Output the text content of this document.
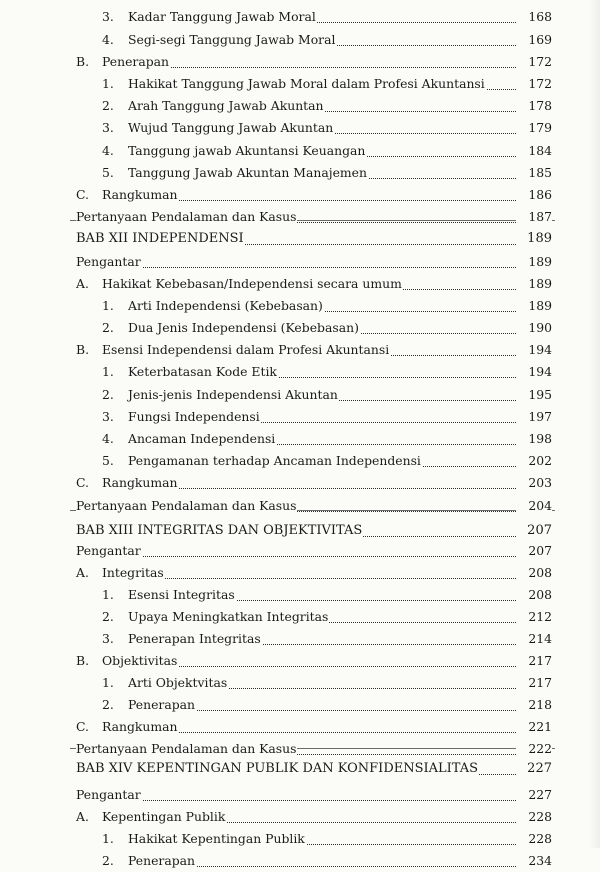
3. Kadar Tanggung Jawab Moral	168
4. Segi-segi Tanggung Jawab Moral	169
B. Penerapan	172
1. Hakikat Tanggung Jawab Moral dalam Profesi Akuntansi	172
2. Arah Tanggung Jawab Akuntan	178
3. Wujud Tanggung Jawab Akuntan	179
4. Tanggung jawab Akuntansi Keuangan	184
5. Tanggung Jawab Akuntan Manajemen	185
C. Rangkuman	186
Pertanyaan Pendalaman dan Kasus	187
BAB XII INDEPENDENSI	189
Pengantar	189
A. Hakikat Kebebasan/Independensi secara umum	189
1. Arti Independensi (Kebebasan)	189
2. Dua Jenis Independensi (Kebebasan)	190
B. Esensi Independensi dalam Profesi Akuntansi	194
1. Keterbatasan Kode Etik	194
2. Jenis-jenis Independensi Akuntan	195
3. Fungsi Independensi	197
4. Ancaman Independensi	198
5. Pengamanan terhadap Ancaman Independensi	202
C. Rangkuman	203
Pertanyaan Pendalaman dan Kasus	204
BAB XIII INTEGRITAS DAN OBJEKTIVITAS	207
Pengantar	207
A. Integritas	208
1. Esensi Integritas	208
2. Upaya Meningkatkan Integritas	212
3. Penerapan Integritas	214
B. Objektivitas	217
1. Arti Objektvitas	217
2. Penerapan	218
C. Rangkuman	221
Pertanyaan Pendalaman dan Kasus	222
BAB XIV KEPENTINGAN PUBLIK DAN KONFIDENSIALITAS	227
Pengantar	227
A. Kepentingan Publik	228
1. Hakikat Kepentingan Publik	228
2. Penerapan	234
